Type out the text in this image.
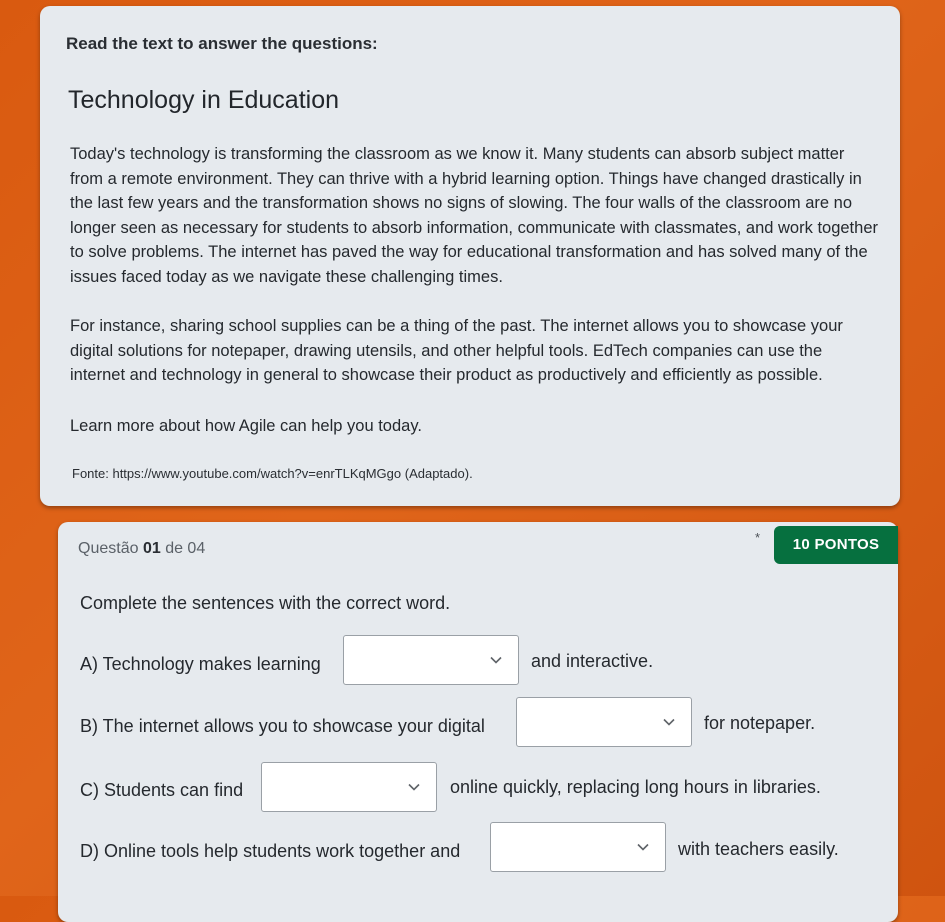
Read the text to answer the questions:
Technology in Education

Today's technology is transforming the classroom as we know it. Many students can absorb subject matter from a remote environment. They can thrive with a hybrid learning option. Things have changed drastically in the last few years and the transformation shows no signs of slowing. The four walls of the classroom are no longer seen as necessary for students to absorb information, communicate with classmates, and work together to solve problems. The internet has paved the way for educational transformation and has solved many of the issues faced today as we navigate these challenging times.

For instance, sharing school supplies can be a thing of the past. The internet allows you to showcase your digital solutions for notepaper, drawing utensils, and other helpful tools. EdTech companies can use the internet and technology in general to showcase their product as productively and efficiently as possible.

Learn more about how Agile can help you today.

Fonte: https://www.youtube.com/watch?v=enrTLKqMGgo (Adaptado).
Questão 01 de 04
*	10 PONTOS
Complete the sentences with the correct word.
A) Technology makes learning	and interactive.
B) The internet allows you to showcase your digital	for notepaper.
C) Students can find	online quickly, replacing long hours in libraries.
D) Online tools help students work together and	with teachers easily.
